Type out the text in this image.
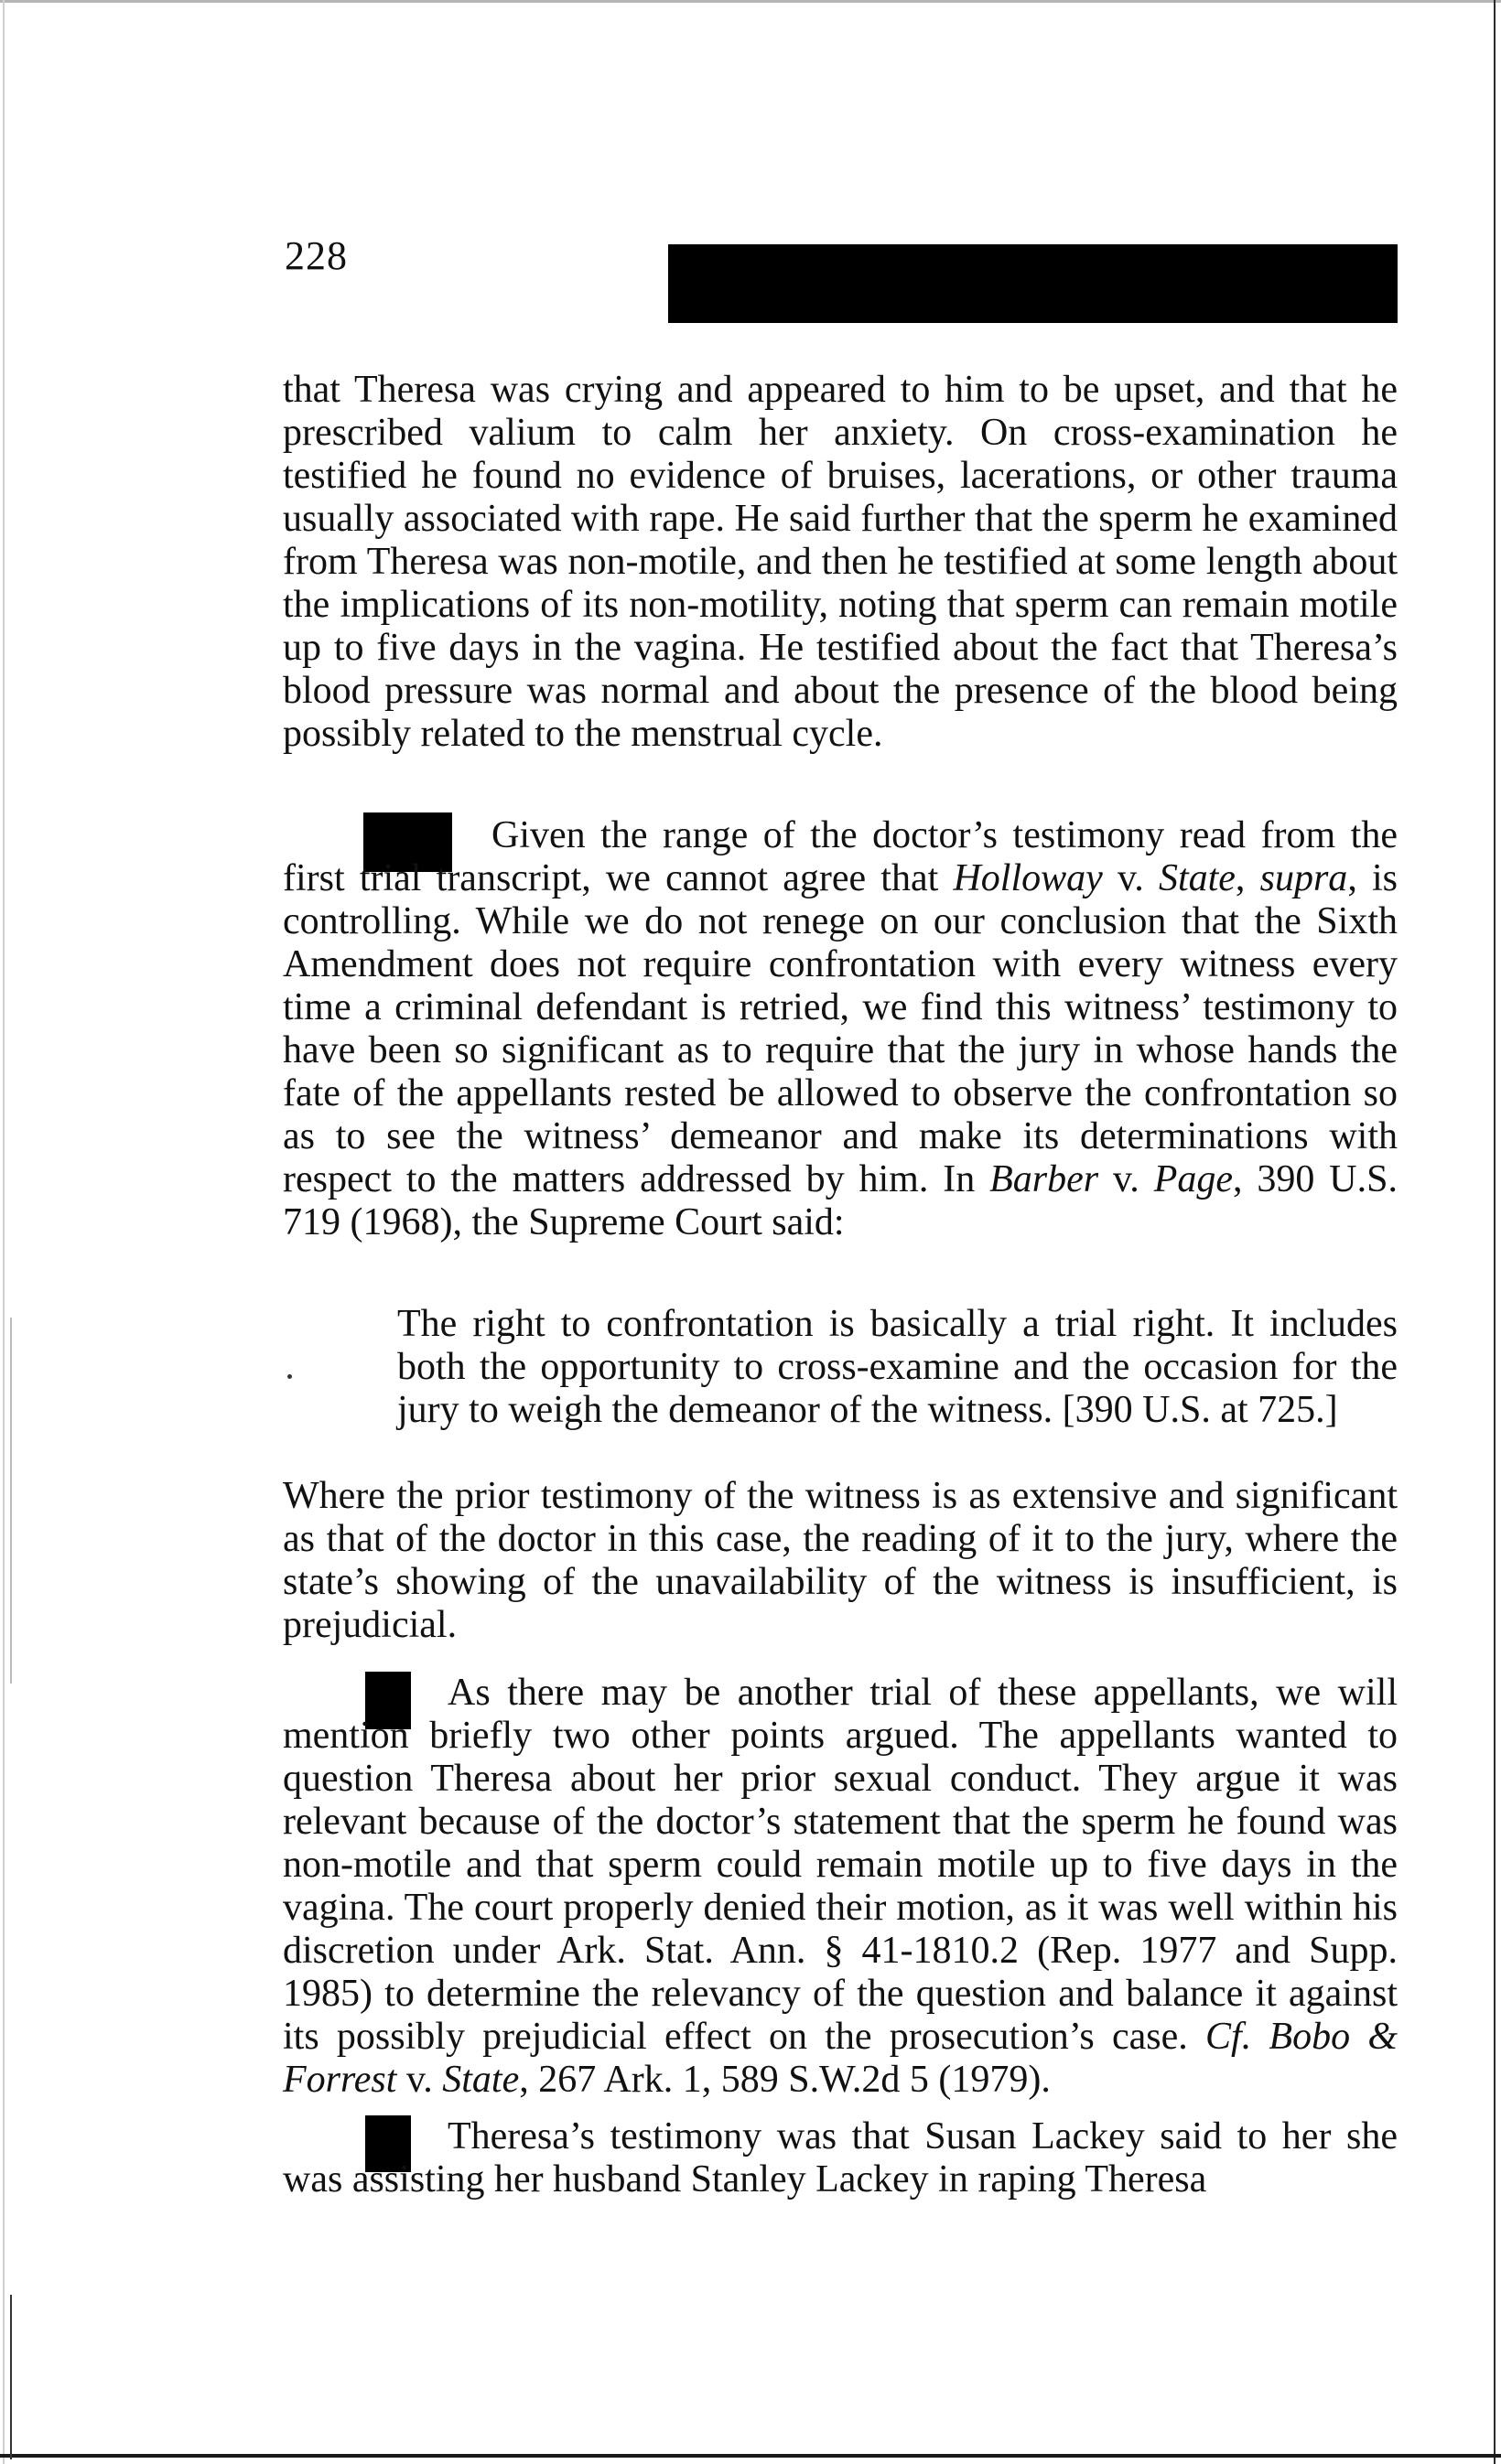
228

that Theresa was crying and appeared to him to be upset, and that he prescribed valium to calm her anxiety. On cross-examination he testified he found no evidence of bruises, lacerations, or other trauma usually associated with rape. He said further that the sperm he examined from Theresa was non-motile, and then he testified at some length about the implications of its non-motility, noting that sperm can remain motile up to five days in the vagina. He testified about the fact that Theresa’s blood pressure was normal and about the presence of the blood being possibly related to the menstrual cycle.

Given the range of the doctor’s testimony read from the first trial transcript, we cannot agree that Holloway v. State, supra, is controlling. While we do not renege on our conclusion that the Sixth Amendment does not require confrontation with every witness every time a criminal defendant is retried, we find this witness’ testimony to have been so significant as to require that the jury in whose hands the fate of the appellants rested be allowed to observe the confrontation so as to see the witness’ demeanor and make its determinations with respect to the matters addressed by him. In Barber v. Page, 390 U.S. 719 (1968), the Supreme Court said:

The right to confrontation is basically a trial right. It includes both the opportunity to cross-examine and the occasion for the jury to weigh the demeanor of the witness. [390 U.S. at 725.]

Where the prior testimony of the witness is as extensive and significant as that of the doctor in this case, the reading of it to the jury, where the state’s showing of the unavailability of the witness is insufficient, is prejudicial.

As there may be another trial of these appellants, we will mention briefly two other points argued. The appellants wanted to question Theresa about her prior sexual conduct. They argue it was relevant because of the doctor’s statement that the sperm he found was non-motile and that sperm could remain motile up to five days in the vagina. The court properly denied their motion, as it was well within his discretion under Ark. Stat. Ann. § 41-1810.2 (Rep. 1977 and Supp. 1985) to determine the relevancy of the question and balance it against its possibly prejudicial effect on the prosecution’s case. Cf. Bobo & Forrest v. State, 267 Ark. 1, 589 S.W.2d 5 (1979).

Theresa’s testimony was that Susan Lackey said to her she was assisting her husband Stanley Lackey in raping Theresa
